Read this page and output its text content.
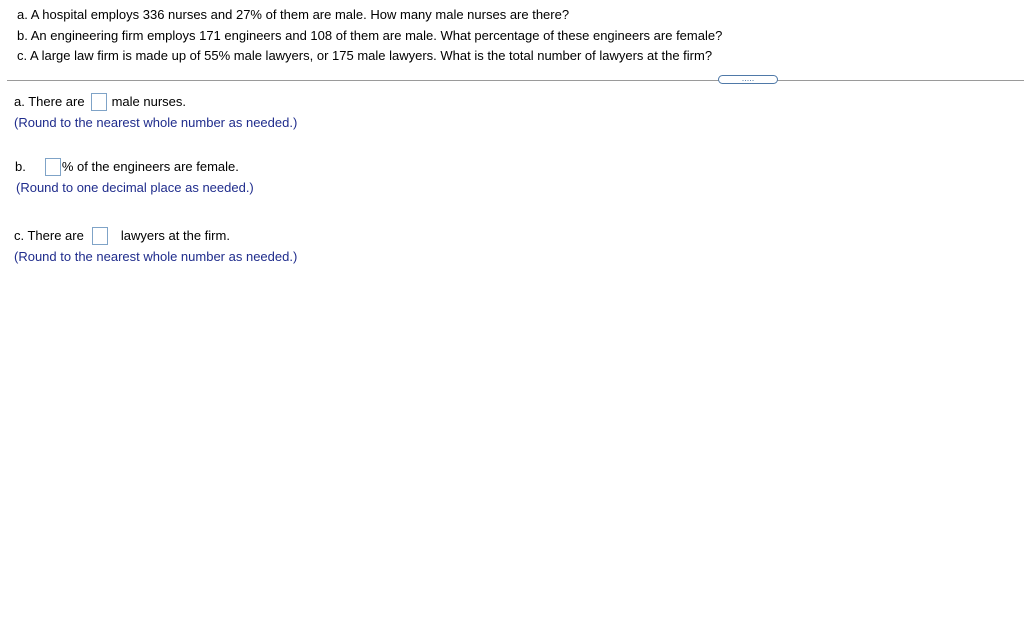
a. A hospital employs 336 nurses and 27% of them are male. How many male nurses are there?
b. An engineering firm employs 171 engineers and 108 of them are male. What percentage of these engineers are female?
c. A large law firm is made up of 55% male lawyers, or 175 male lawyers. What is the total number of lawyers at the firm?
.....
a. There are male nurses.
(Round to the nearest whole number as needed.)
b.	% of the engineers are female.
(Round to one decimal place as needed.)
c. There are	lawyers at the firm.
(Round to the nearest whole number as needed.)
